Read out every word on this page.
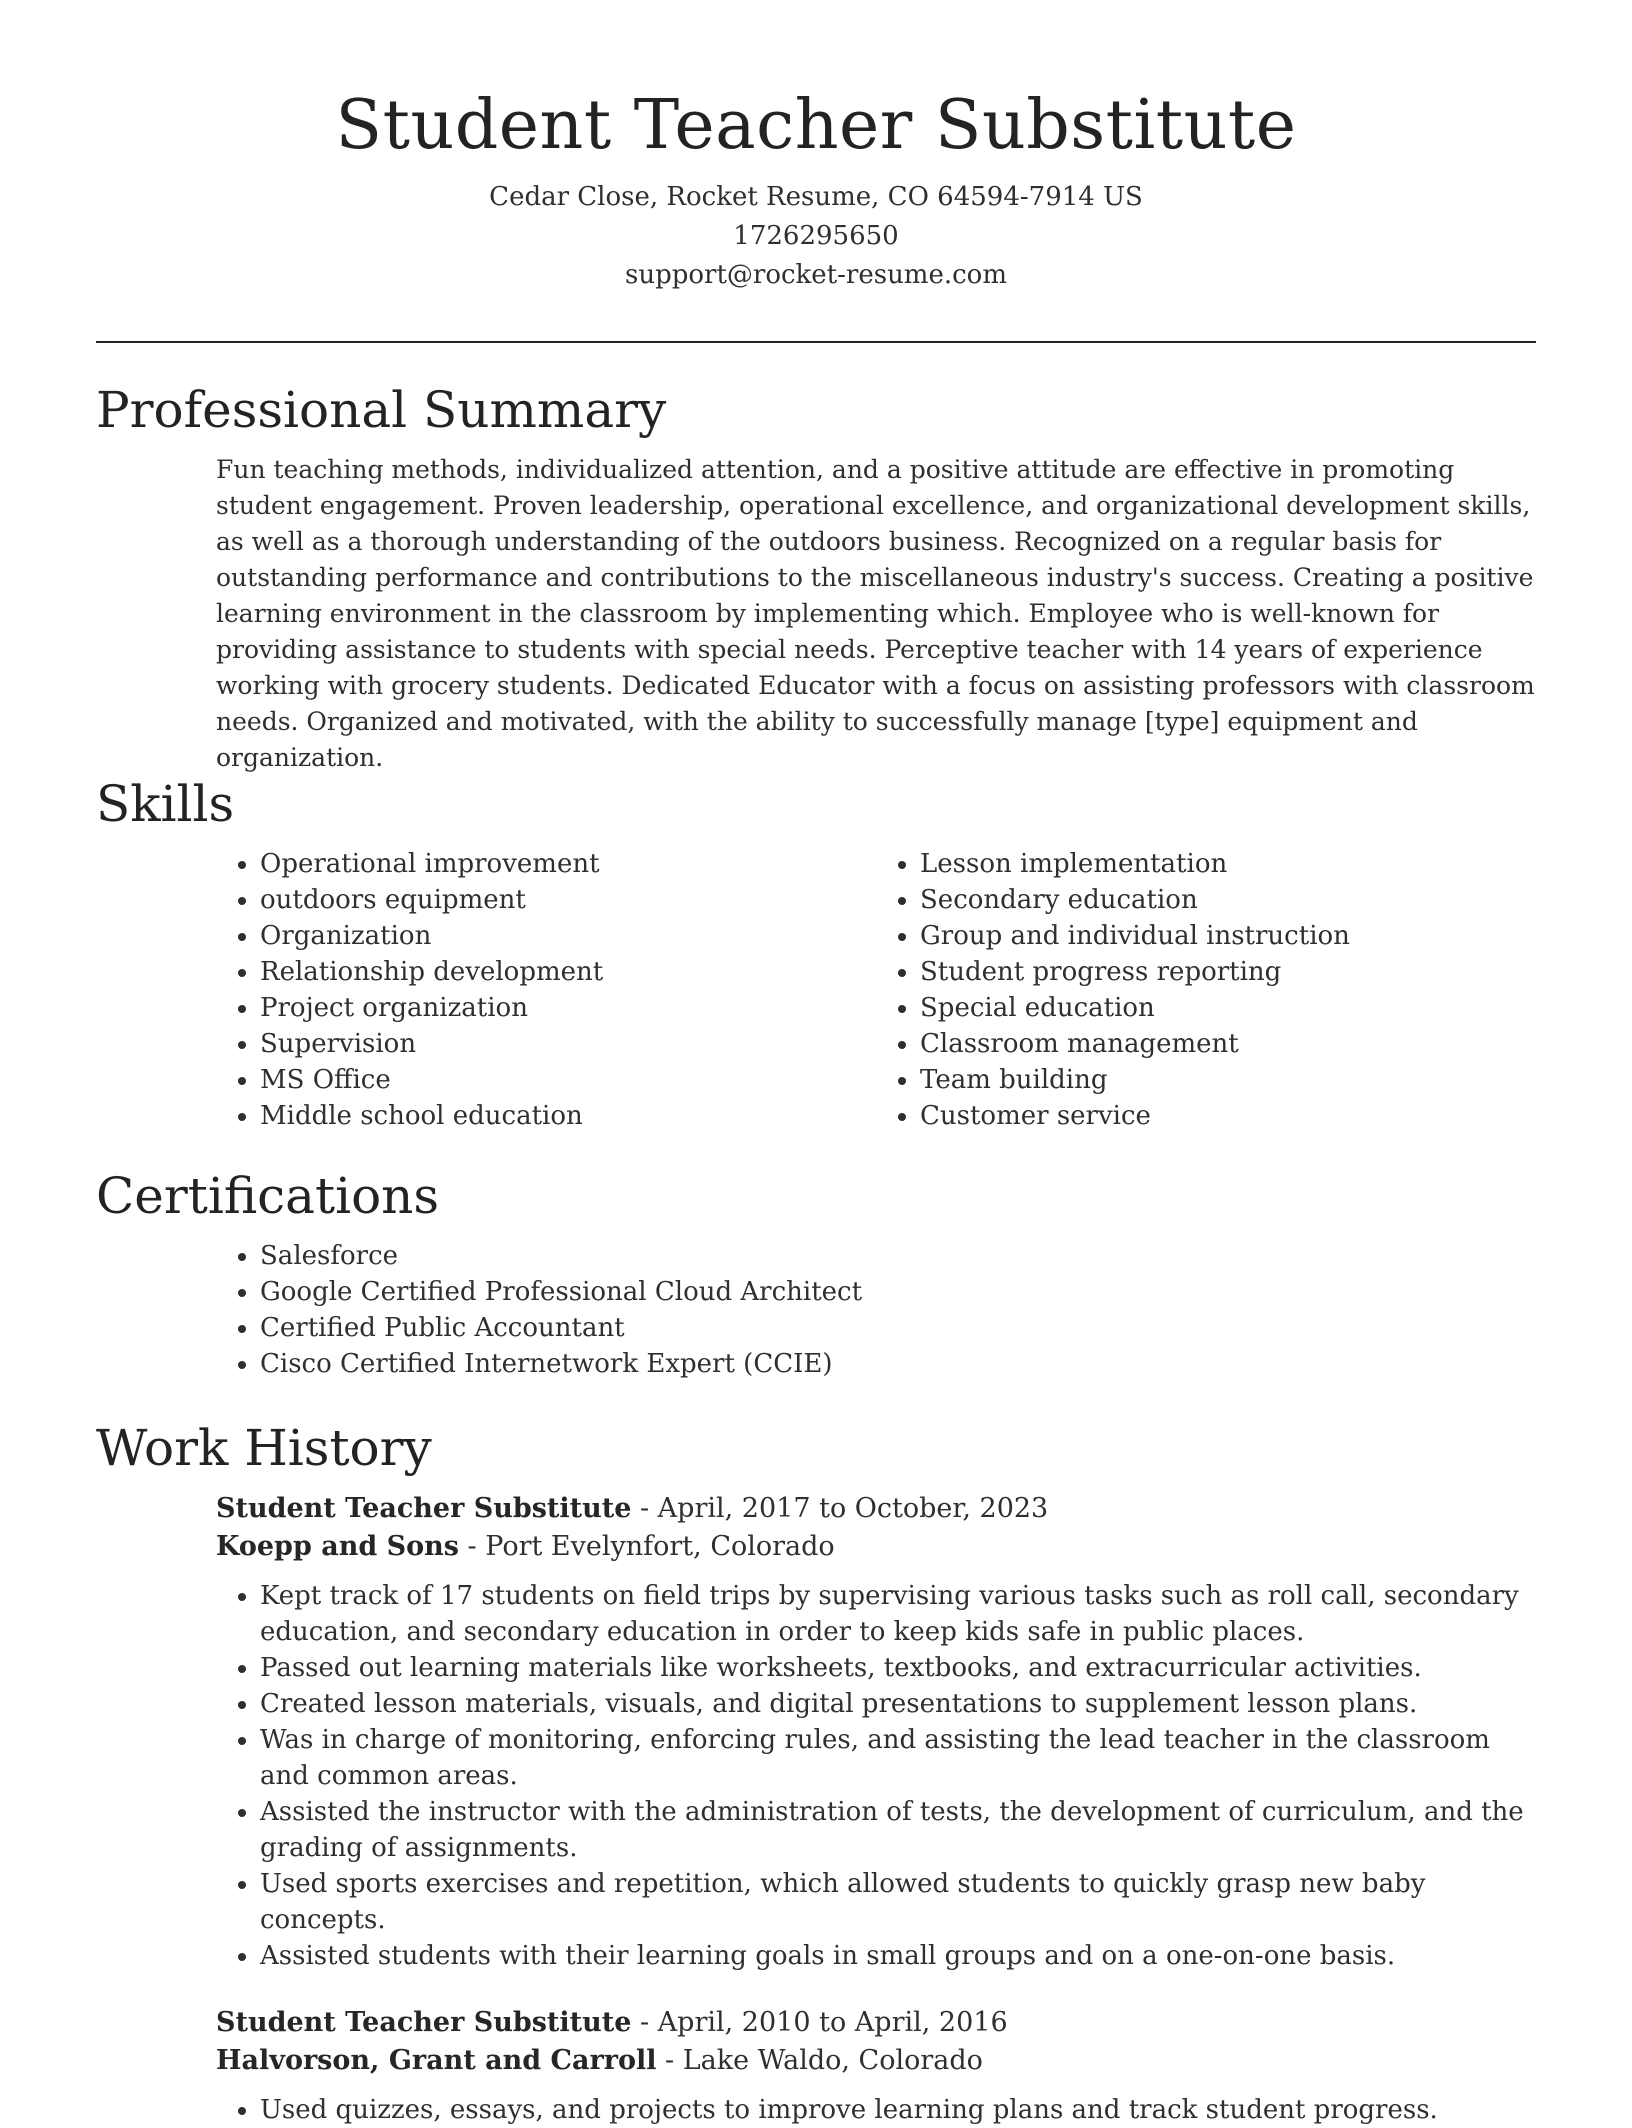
Student Teacher Substitute
Cedar Close, Rocket Resume, CO 64594-7914 US
1726295650
support@rocket-resume.com
Professional Summary
Fun teaching methods, individualized attention, and a positive attitude are effective in promoting student engagement. Proven leadership, operational excellence, and organizational development skills, as well as a thorough understanding of the outdoors business. Recognized on a regular basis for outstanding performance and contributions to the miscellaneous industry's success. Creating a positive learning environment in the classroom by implementing which. Employee who is well-known for providing assistance to students with special needs. Perceptive teacher with 14 years of experience working with grocery students. Dedicated Educator with a focus on assisting professors with classroom needs. Organized and motivated, with the ability to successfully manage [type] equipment and organization.
Skills
• Operational improvement
• outdoors equipment
• Organization
• Relationship development
• Project organization
• Supervision
• MS Office
• Middle school education
• Lesson implementation
• Secondary education
• Group and individual instruction
• Student progress reporting
• Special education
• Classroom management
• Team building
• Customer service
Certifications
• Salesforce
• Google Certified Professional Cloud Architect
• Certified Public Accountant
• Cisco Certified Internetwork Expert (CCIE)
Work History
Student Teacher Substitute - April, 2017 to October, 2023
Koepp and Sons - Port Evelynfort, Colorado
• Kept track of 17 students on field trips by supervising various tasks such as roll call, secondary education, and secondary education in order to keep kids safe in public places.
• Passed out learning materials like worksheets, textbooks, and extracurricular activities.
• Created lesson materials, visuals, and digital presentations to supplement lesson plans.
• Was in charge of monitoring, enforcing rules, and assisting the lead teacher in the classroom and common areas.
• Assisted the instructor with the administration of tests, the development of curriculum, and the grading of assignments.
• Used sports exercises and repetition, which allowed students to quickly grasp new baby concepts.
• Assisted students with their learning goals in small groups and on a one-on-one basis.
Student Teacher Substitute - April, 2010 to April, 2016
Halvorson, Grant and Carroll - Lake Waldo, Colorado
• Used quizzes, essays, and projects to improve learning plans and track student progress.
